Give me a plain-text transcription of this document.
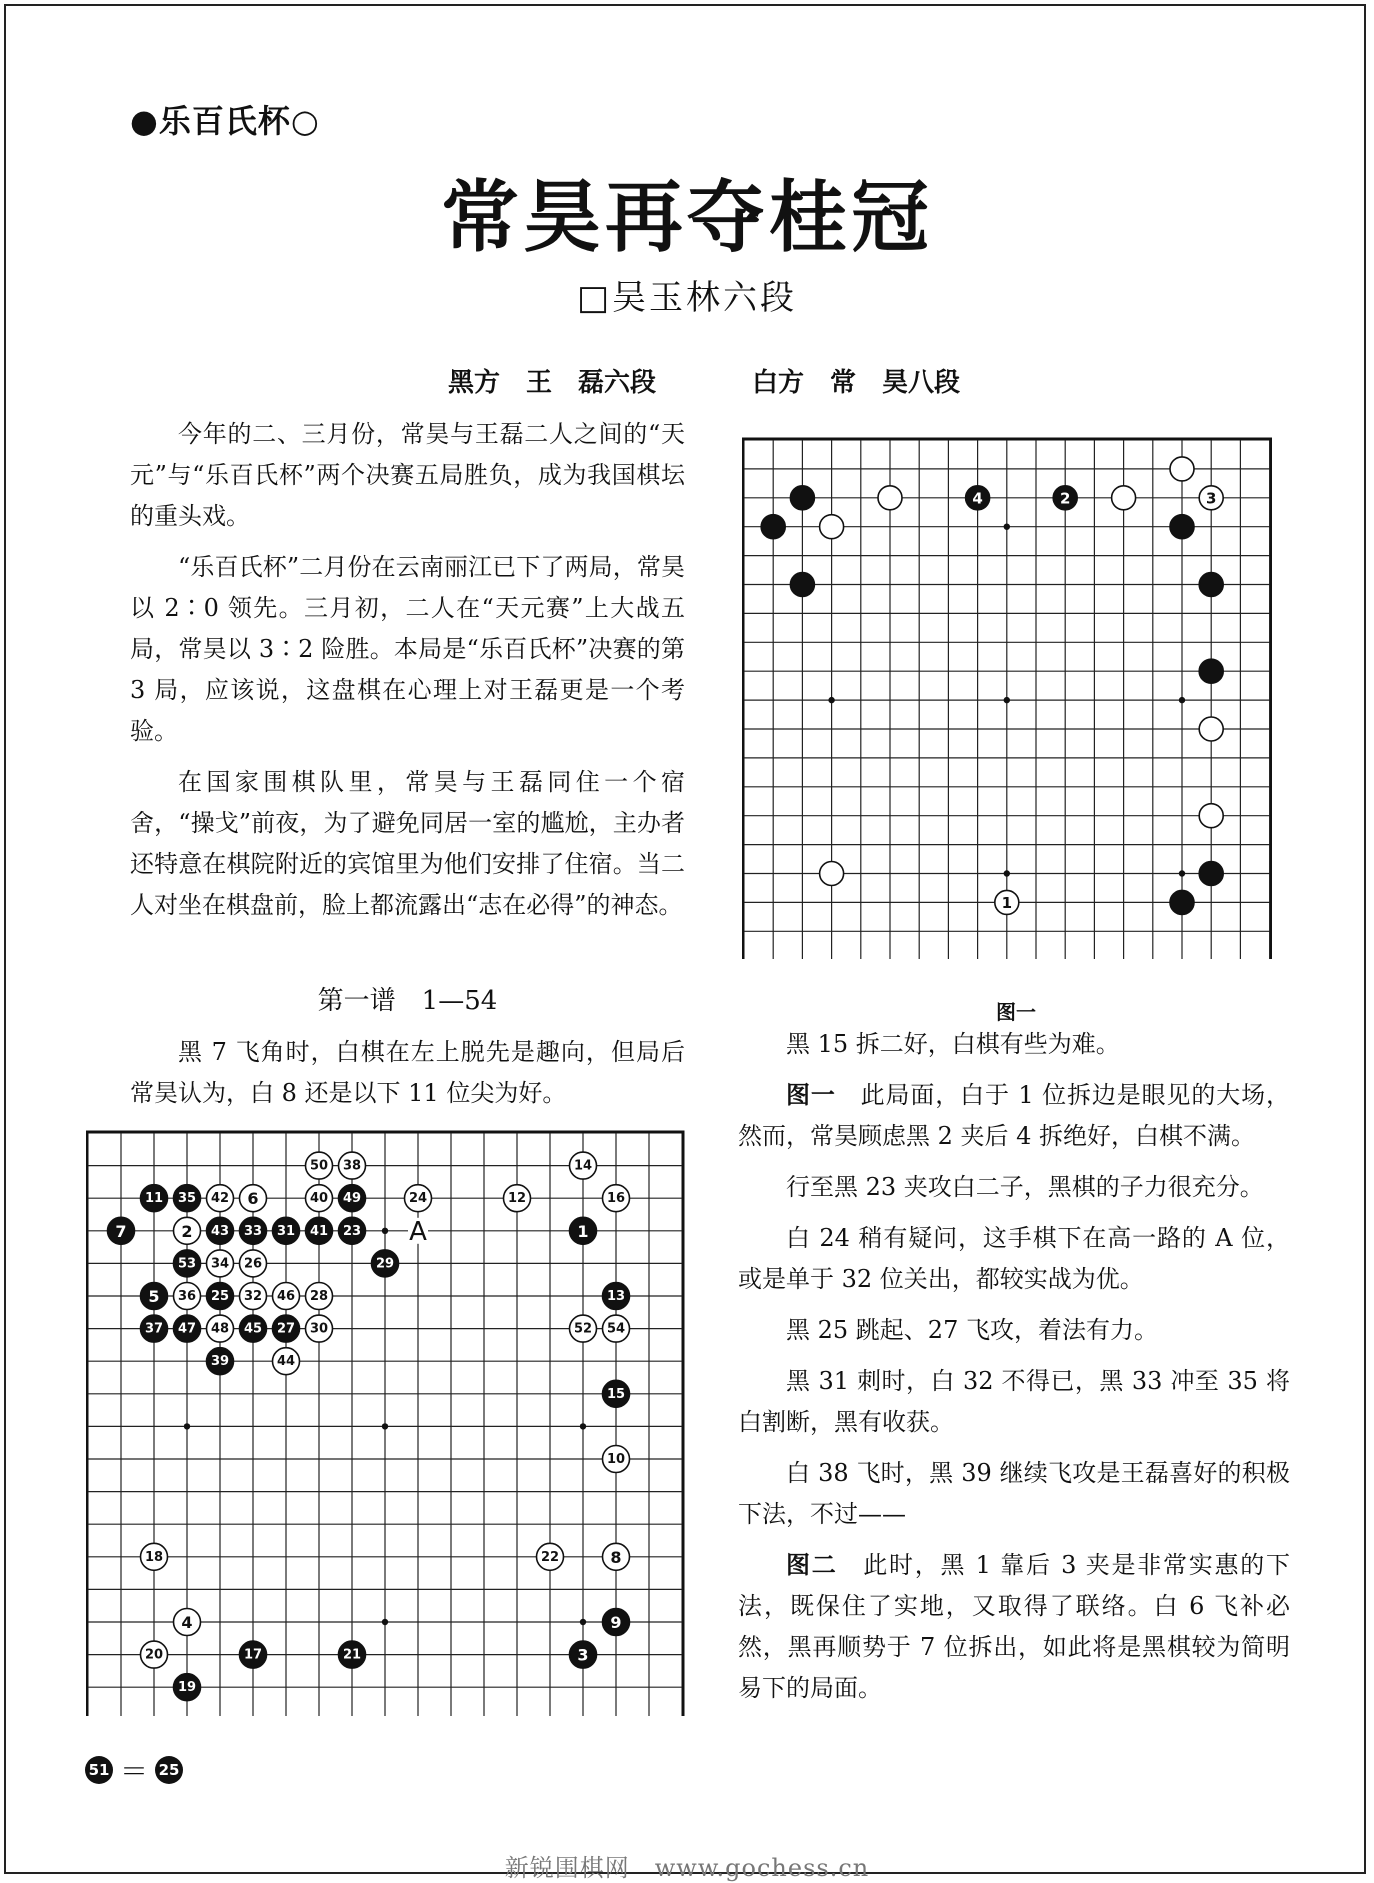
●乐百氏杯○
常昊再夺桂冠
□吴玉林六段
黑方　王　磊六段	白方　常　昊八段

今年的二、三月份，常昊与王磊二人之间的“天元”与“乐百氏杯”两个决赛五局胜负，成为我国棋坛的重头戏。

“乐百氏杯”二月份在云南丽江已下了两局，常昊以 2∶0 领先。三月初，二人在“天元赛”上大战五局，常昊以 3∶2 险胜。本局是“乐百氏杯”决赛的第 3 局，应该说，这盘棋在心理上对王磊更是一个考验。

在国家围棋队里，常昊与王磊同住一个宿舍，“操戈”前夜，为了避免同居一室的尴尬，主办者还特意在棋院附近的宾馆里为他们安排了住宿。当二人对坐在棋盘前，脸上都流露出“志在必得”的神态。

第一谱　1—54

黑 7 飞角时，白棋在左上脱先是趣向，但局后常昊认为，白 8 还是以下 11 位尖为好。

50 38	14
11 35 42 6	40 49	24	12	16
7	2 43 33 31 41 23	1
53 34 26	29
5 36 25 32 46 28	13
37 47 48 45 27 30	52 54
39	44
15
10
18	22	8
9
4
20	17	21	3
19
A
4	2	3
1
图一

黑 15 拆二好，白棋有些为难。

图一　此局面，白于 1 位拆边是眼见的大场，然而，常昊顾虑黑 2 夹后 4 拆绝好，白棋不满。

行至黑 23 夹攻白二子，黑棋的子力很充分。

白 24 稍有疑问，这手棋下在高一路的 A 位，或是单于 32 位关出，都较实战为优。

黑 25 跳起、27 飞攻，着法有力。

黑 31 刺时，白 32 不得已，黑 33 冲至 35 将白割断，黑有收获。

白 38 飞时，黑 39 继续飞攻是王磊喜好的积极下法，不过——

图二　此时，黑 1 靠后 3 夹是非常实惠的下法，既保住了实地，又取得了联络。白 6 飞补必然，黑再顺势于 7 位拆出，如此将是黑棋较为简明易下的局面。

51 ＝ 25
新锐围棋网　www.gochess.cn
